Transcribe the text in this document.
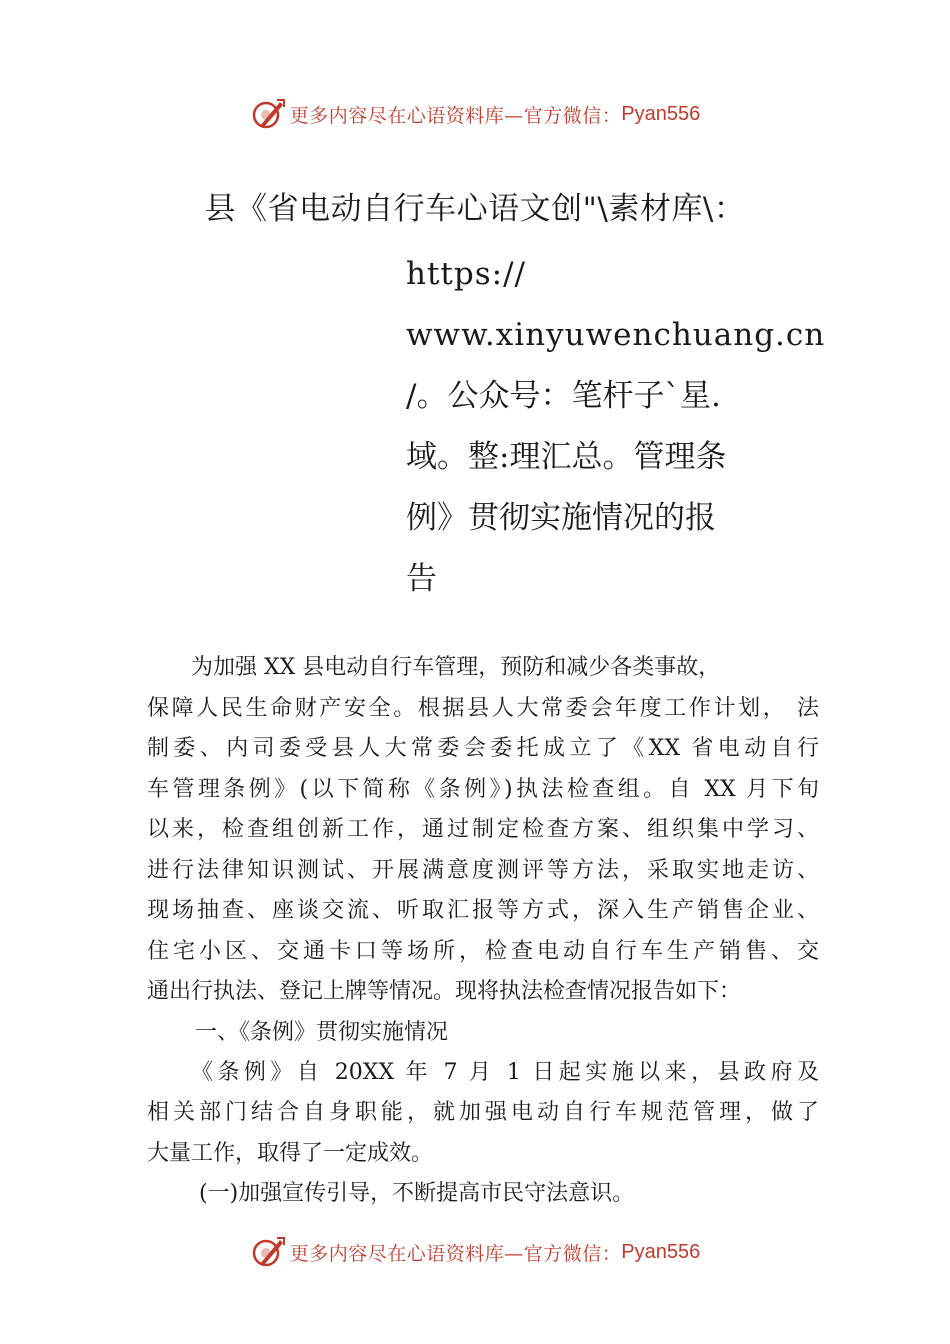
更多内容尽在心语资料库—官方微信： Pyan556
县《省电动自行车心语文创"\素材库\：
https://
www.xinyuwenchuang.cn
/。公众号：笔杆子`星.
域。整:理汇总。管理条
例》贯彻实施情况的报
告
为加强 XX 县电动自行车管理，预防和减少各类事故，
保障人民生命财产安全。根据县人大常委会年度工作计划， 法
制委、内司委受县人大常委会委托成立了《XX 省电动自行
车管理条例》(以下简称《条例》)执法检查组。自 XX 月下旬
以来，检查组创新工作，通过制定检查方案、组织集中学习、
进行法律知识测试、开展满意度测评等方法，采取实地走访、
现场抽查、座谈交流、听取汇报等方式，深入生产销售企业、
住宅小区、交通卡口等场所，检查电动自行车生产销售、交
通出行执法、登记上牌等情况。现将执法检查情况报告如下：
一、《条例》贯彻实施情况
《条例》自 20XX 年 7 月 1 日起实施以来，县政府及
相关部门结合自身职能，就加强电动自行车规范管理，做了
大量工作，取得了一定成效。
(一)加强宣传引导，不断提高市民守法意识。
更多内容尽在心语资料库—官方微信： Pyan556
